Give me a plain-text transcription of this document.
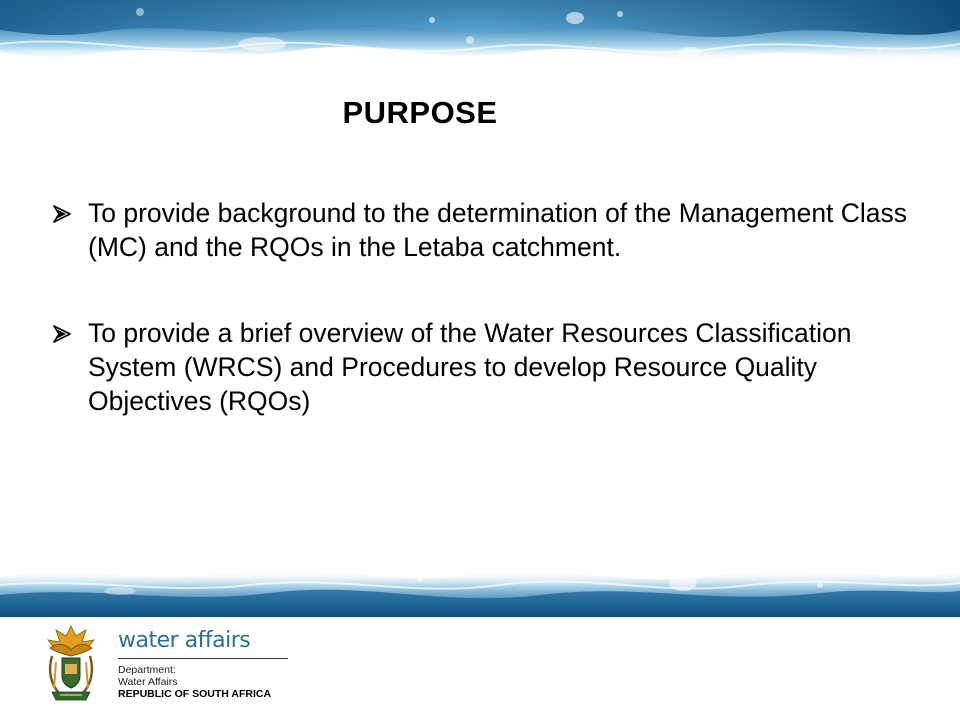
PURPOSE
To provide background to the determination of the Management Class (MC) and the RQOs in the Letaba catchment.
To provide a brief overview of the Water Resources Classification System (WRCS) and Procedures to develop Resource Quality Objectives (RQOs)
water affairs
Department:
Water Affairs
REPUBLIC OF SOUTH AFRICA
